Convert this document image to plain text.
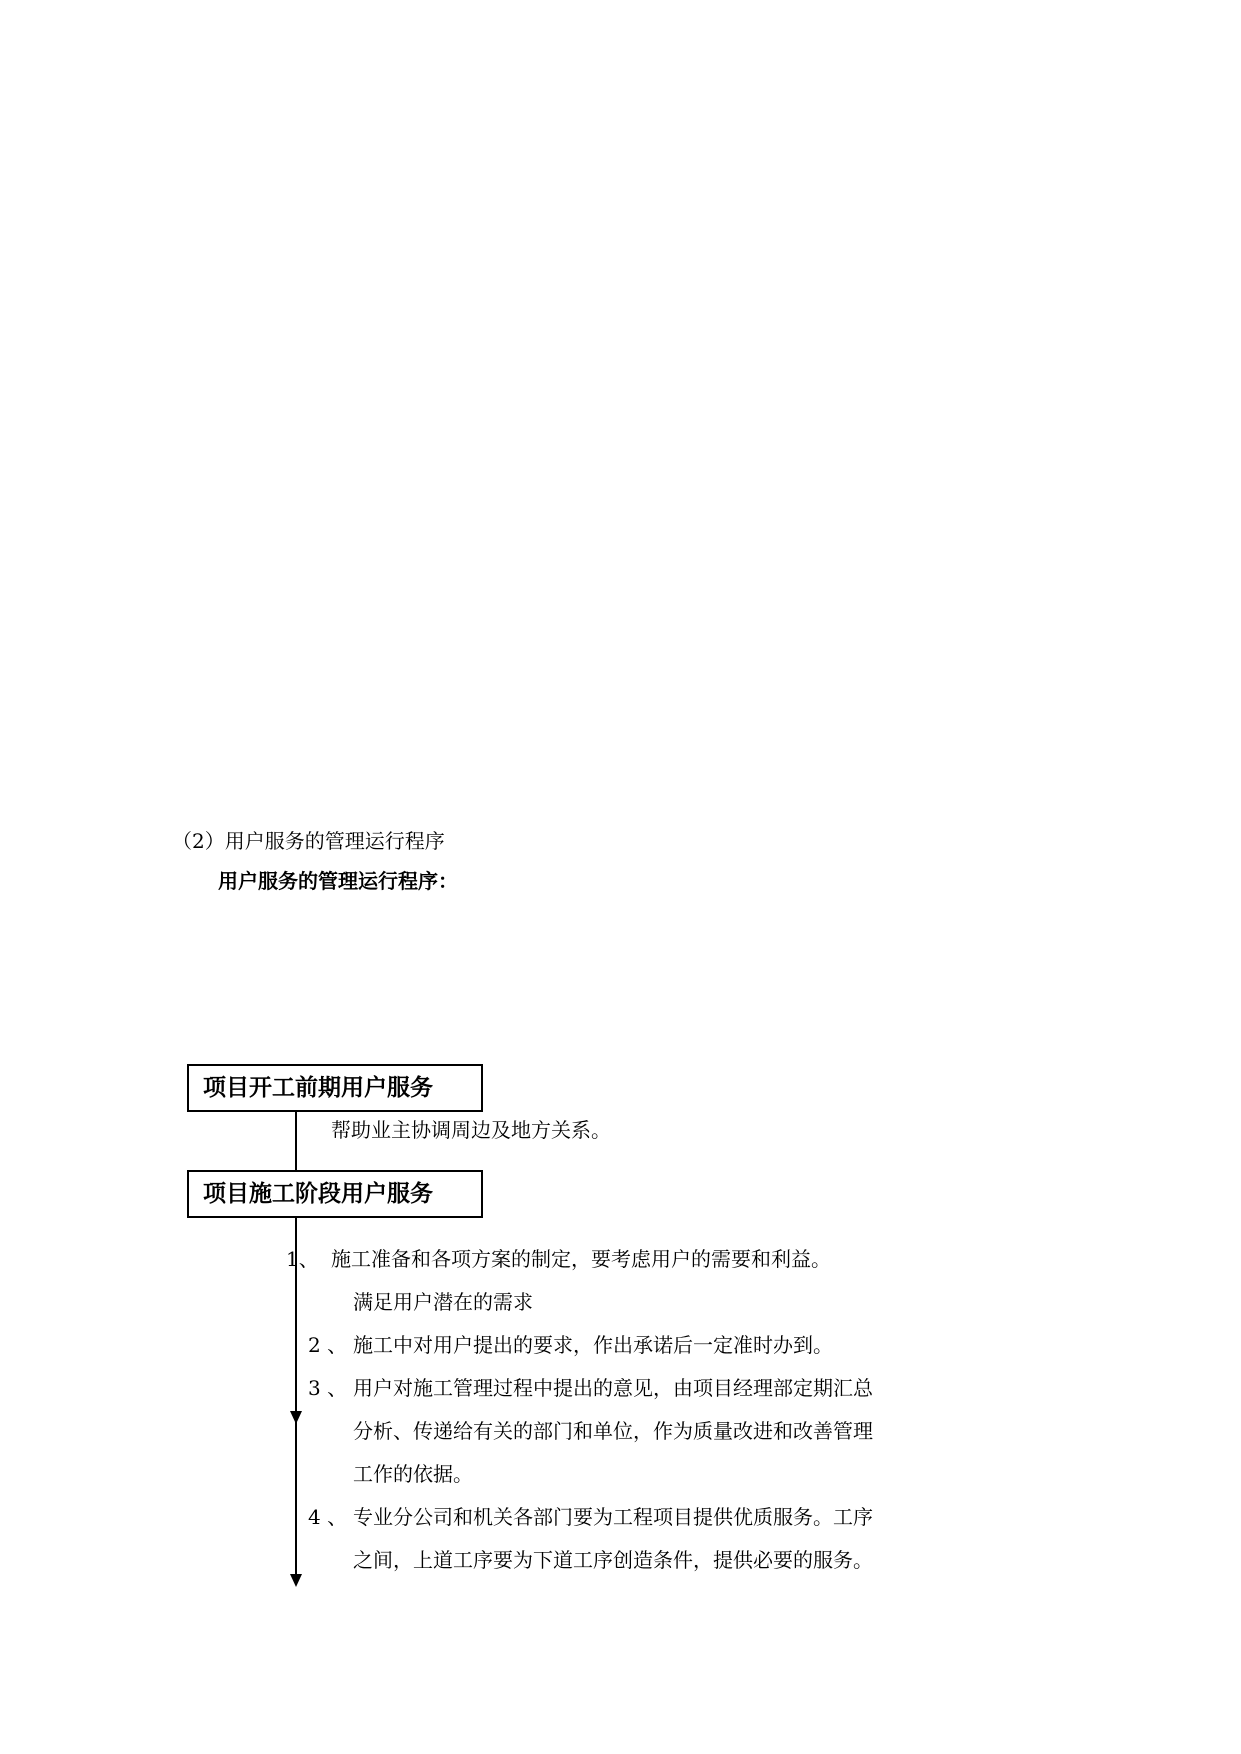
（2）用户服务的管理运行程序
用户服务的管理运行程序：
项目开工前期用户服务
帮助业主协调周边及地方关系。
项目施工阶段用户服务
1、 施工准备和各项方案的制定，要考虑用户的需要和利益。
满足用户潜在的需求
2 、 施工中对用户提出的要求，作出承诺后一定准时办到。
3 、 用户对施工管理过程中提出的意见，由项目经理部定期汇总
分析、传递给有关的部门和单位，作为质量改进和改善管理
工作的依据。
4 、 专业分公司和机关各部门要为工程项目提供优质服务。工序
之间，上道工序要为下道工序创造条件，提供必要的服务。
